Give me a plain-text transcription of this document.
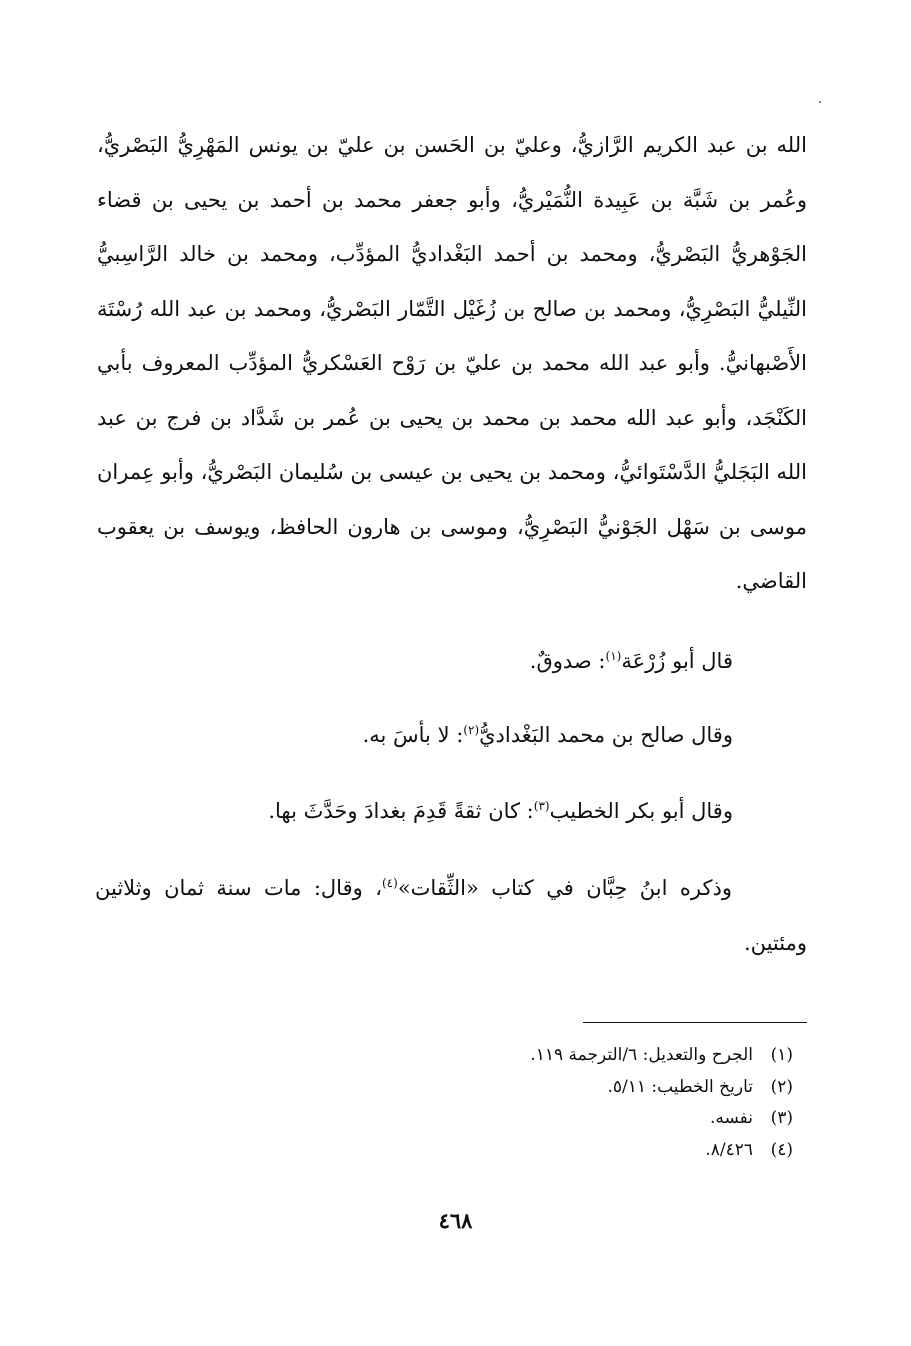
الله بن عبد الكريم الرَّازيُّ، وعليّ بن الحَسن بن عليّ بن يونس المَهْرِيُّ البَصْريُّ، وعُمر بن شَبَّة بن عَبِيدة النُّمَيْريُّ، وأبو جعفر محمد بن أحمد بن يحيى بن قضاء الجَوْهريُّ البَصْريُّ، ومحمد بن أحمد البَغْداديُّ المؤدِّب، ومحمد بن خالد الرَّاسِبيُّ النِّيليُّ البَصْرِيُّ، ومحمد بن صالح بن زُغَيْل التَّمّار البَصْريُّ، ومحمد بن عبد الله رُسْتَة الأَصْبهانيُّ. وأبو عبد الله محمد بن عليّ بن رَوْح العَسْكريُّ المؤدِّب المعروف بأبي الكَنْجَد، وأبو عبد الله محمد بن محمد بن يحيى بن عُمر بن شَدَّاد بن فرج بن عبد الله البَجَليُّ الدَّسْتَوائيُّ، ومحمد بن يحيى بن عيسى بن سُليمان البَصْريُّ، وأبو عِمران موسى بن سَهْل الجَوْنيُّ البَصْرِيُّ، وموسى بن هارون الحافظ، ويوسف بن يعقوب القاضي.

قال أبو زُرْعَة$^{(١)}$: صدوقٌ.

وقال صالح بن محمد البَغْداديُّ$^{(٢)}$: لا بأسَ به.

وقال أبو بكر الخطيب$^{(٣)}$: كان ثقةً قَدِمَ بغدادَ وحَدَّثَ بها.

وذكره ابنُ حِبَّان في كتاب «الثِّقات»$^{(٤)}$، وقال: مات سنة ثمان وثلاثين ومئتين.

(١)
الجرح والتعديل: ٦/الترجمة ١١٩.
(٢)
تاريخ الخطيب: ٥/١١.
(٣)
نفسه.
(٤)
٨/٤٢٦.
٤٦٨
